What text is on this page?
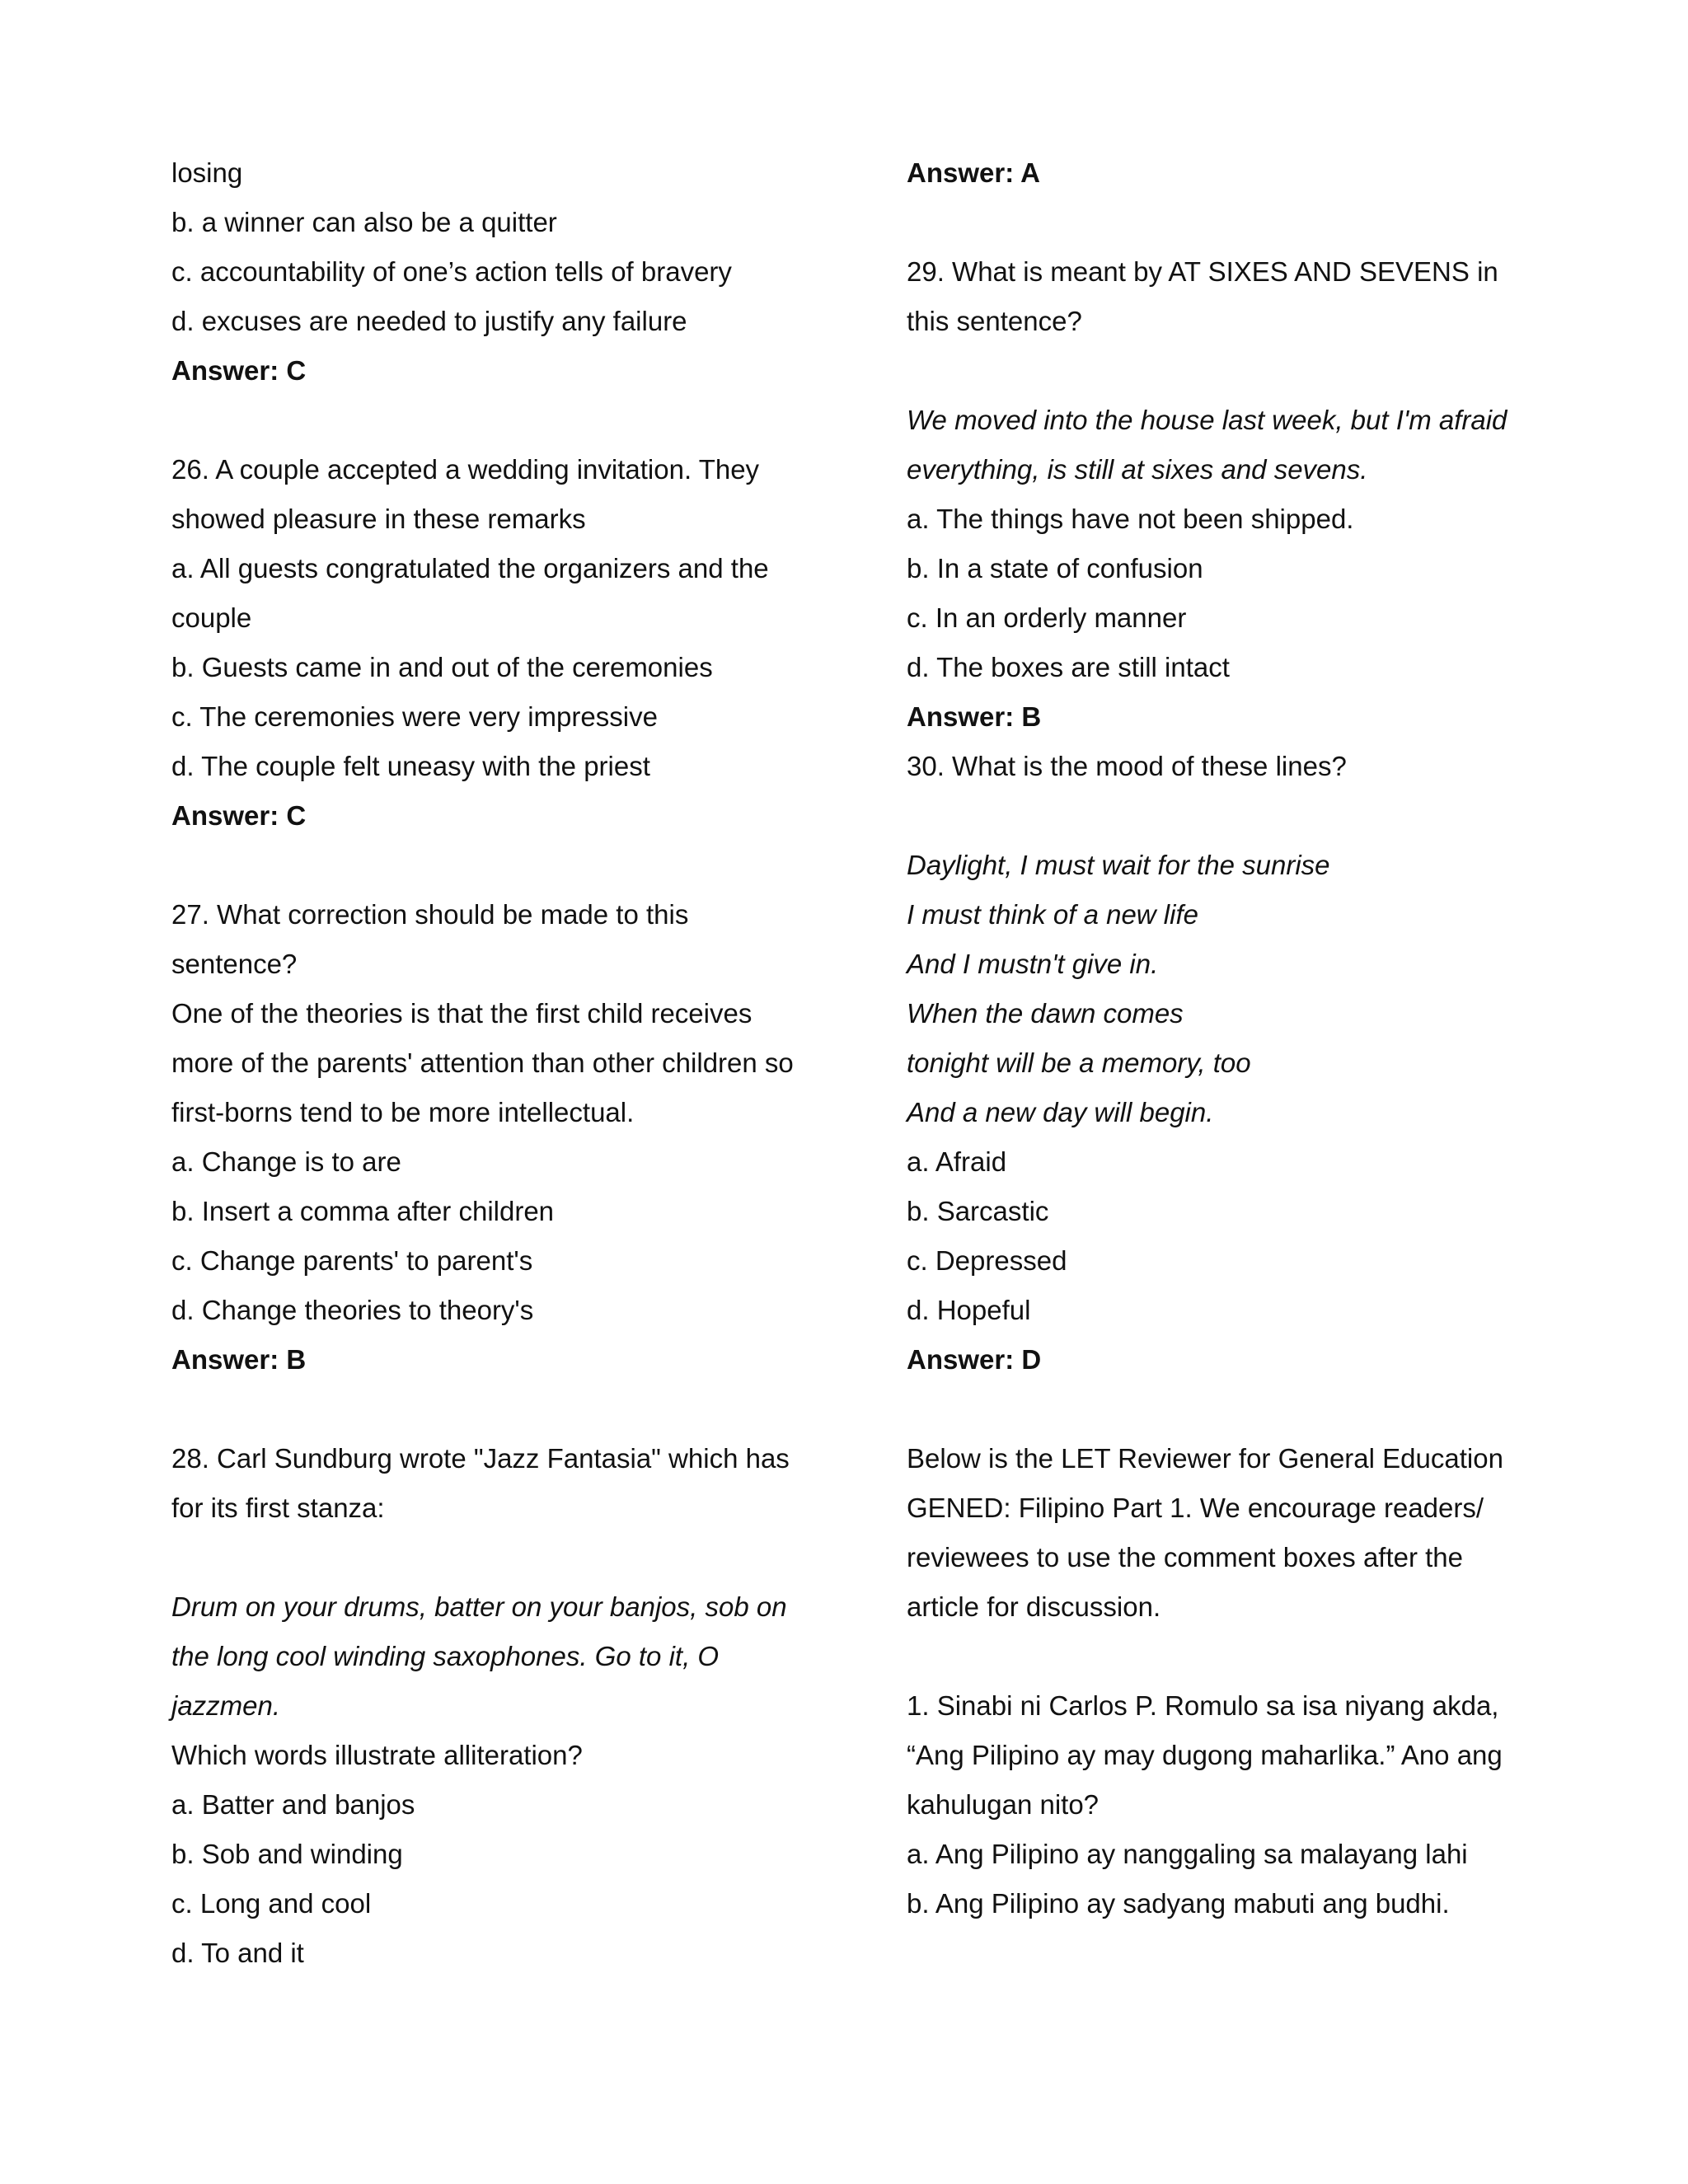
losing
b. a winner can also be a quitter
c. accountability of one’s action tells of bravery
d. excuses are needed to justify any failure
Answer: C
26. A couple accepted a wedding invitation. They
showed pleasure in these remarks
a. All guests congratulated the organizers and the
couple
b. Guests came in and out of the ceremonies
c. The ceremonies were very impressive
d. The couple felt uneasy with the priest
Answer: C
27. What correction should be made to this
sentence?
One of the theories is that the first child receives
more of the parents' attention than other children so
first-borns tend to be more intellectual.
a. Change is to are
b. Insert a comma after children
c. Change parents' to parent's
d. Change theories to theory's
Answer: B
28. Carl Sundburg wrote "Jazz Fantasia" which has
for its first stanza:
Drum on your drums, batter on your banjos, sob on
the long cool winding saxophones. Go to it, O
jazzmen.
Which words illustrate alliteration?
a. Batter and banjos
b. Sob and winding
c. Long and cool
d. To and it
Answer: A
29. What is meant by AT SIXES AND SEVENS in
this sentence?
We moved into the house last week, but I'm afraid
everything, is still at sixes and sevens.
a. The things have not been shipped.
b. In a state of confusion
c. In an orderly manner
d. The boxes are still intact
Answer: B
30. What is the mood of these lines?
Daylight, I must wait for the sunrise
I must think of a new life
And I mustn't give in.
When the dawn comes
tonight will be a memory, too
And a new day will begin.
a. Afraid
b. Sarcastic
c. Depressed
d. Hopeful
Answer: D
Below is the LET Reviewer for General Education
GENED: Filipino Part 1. We encourage readers/
reviewees to use the comment boxes after the
article for discussion.
1. Sinabi ni Carlos P. Romulo sa isa niyang akda,
“Ang Pilipino ay may dugong maharlika.” Ano ang
kahulugan nito?
a. Ang Pilipino ay nanggaling sa malayang lahi
b. Ang Pilipino ay sadyang mabuti ang budhi.
